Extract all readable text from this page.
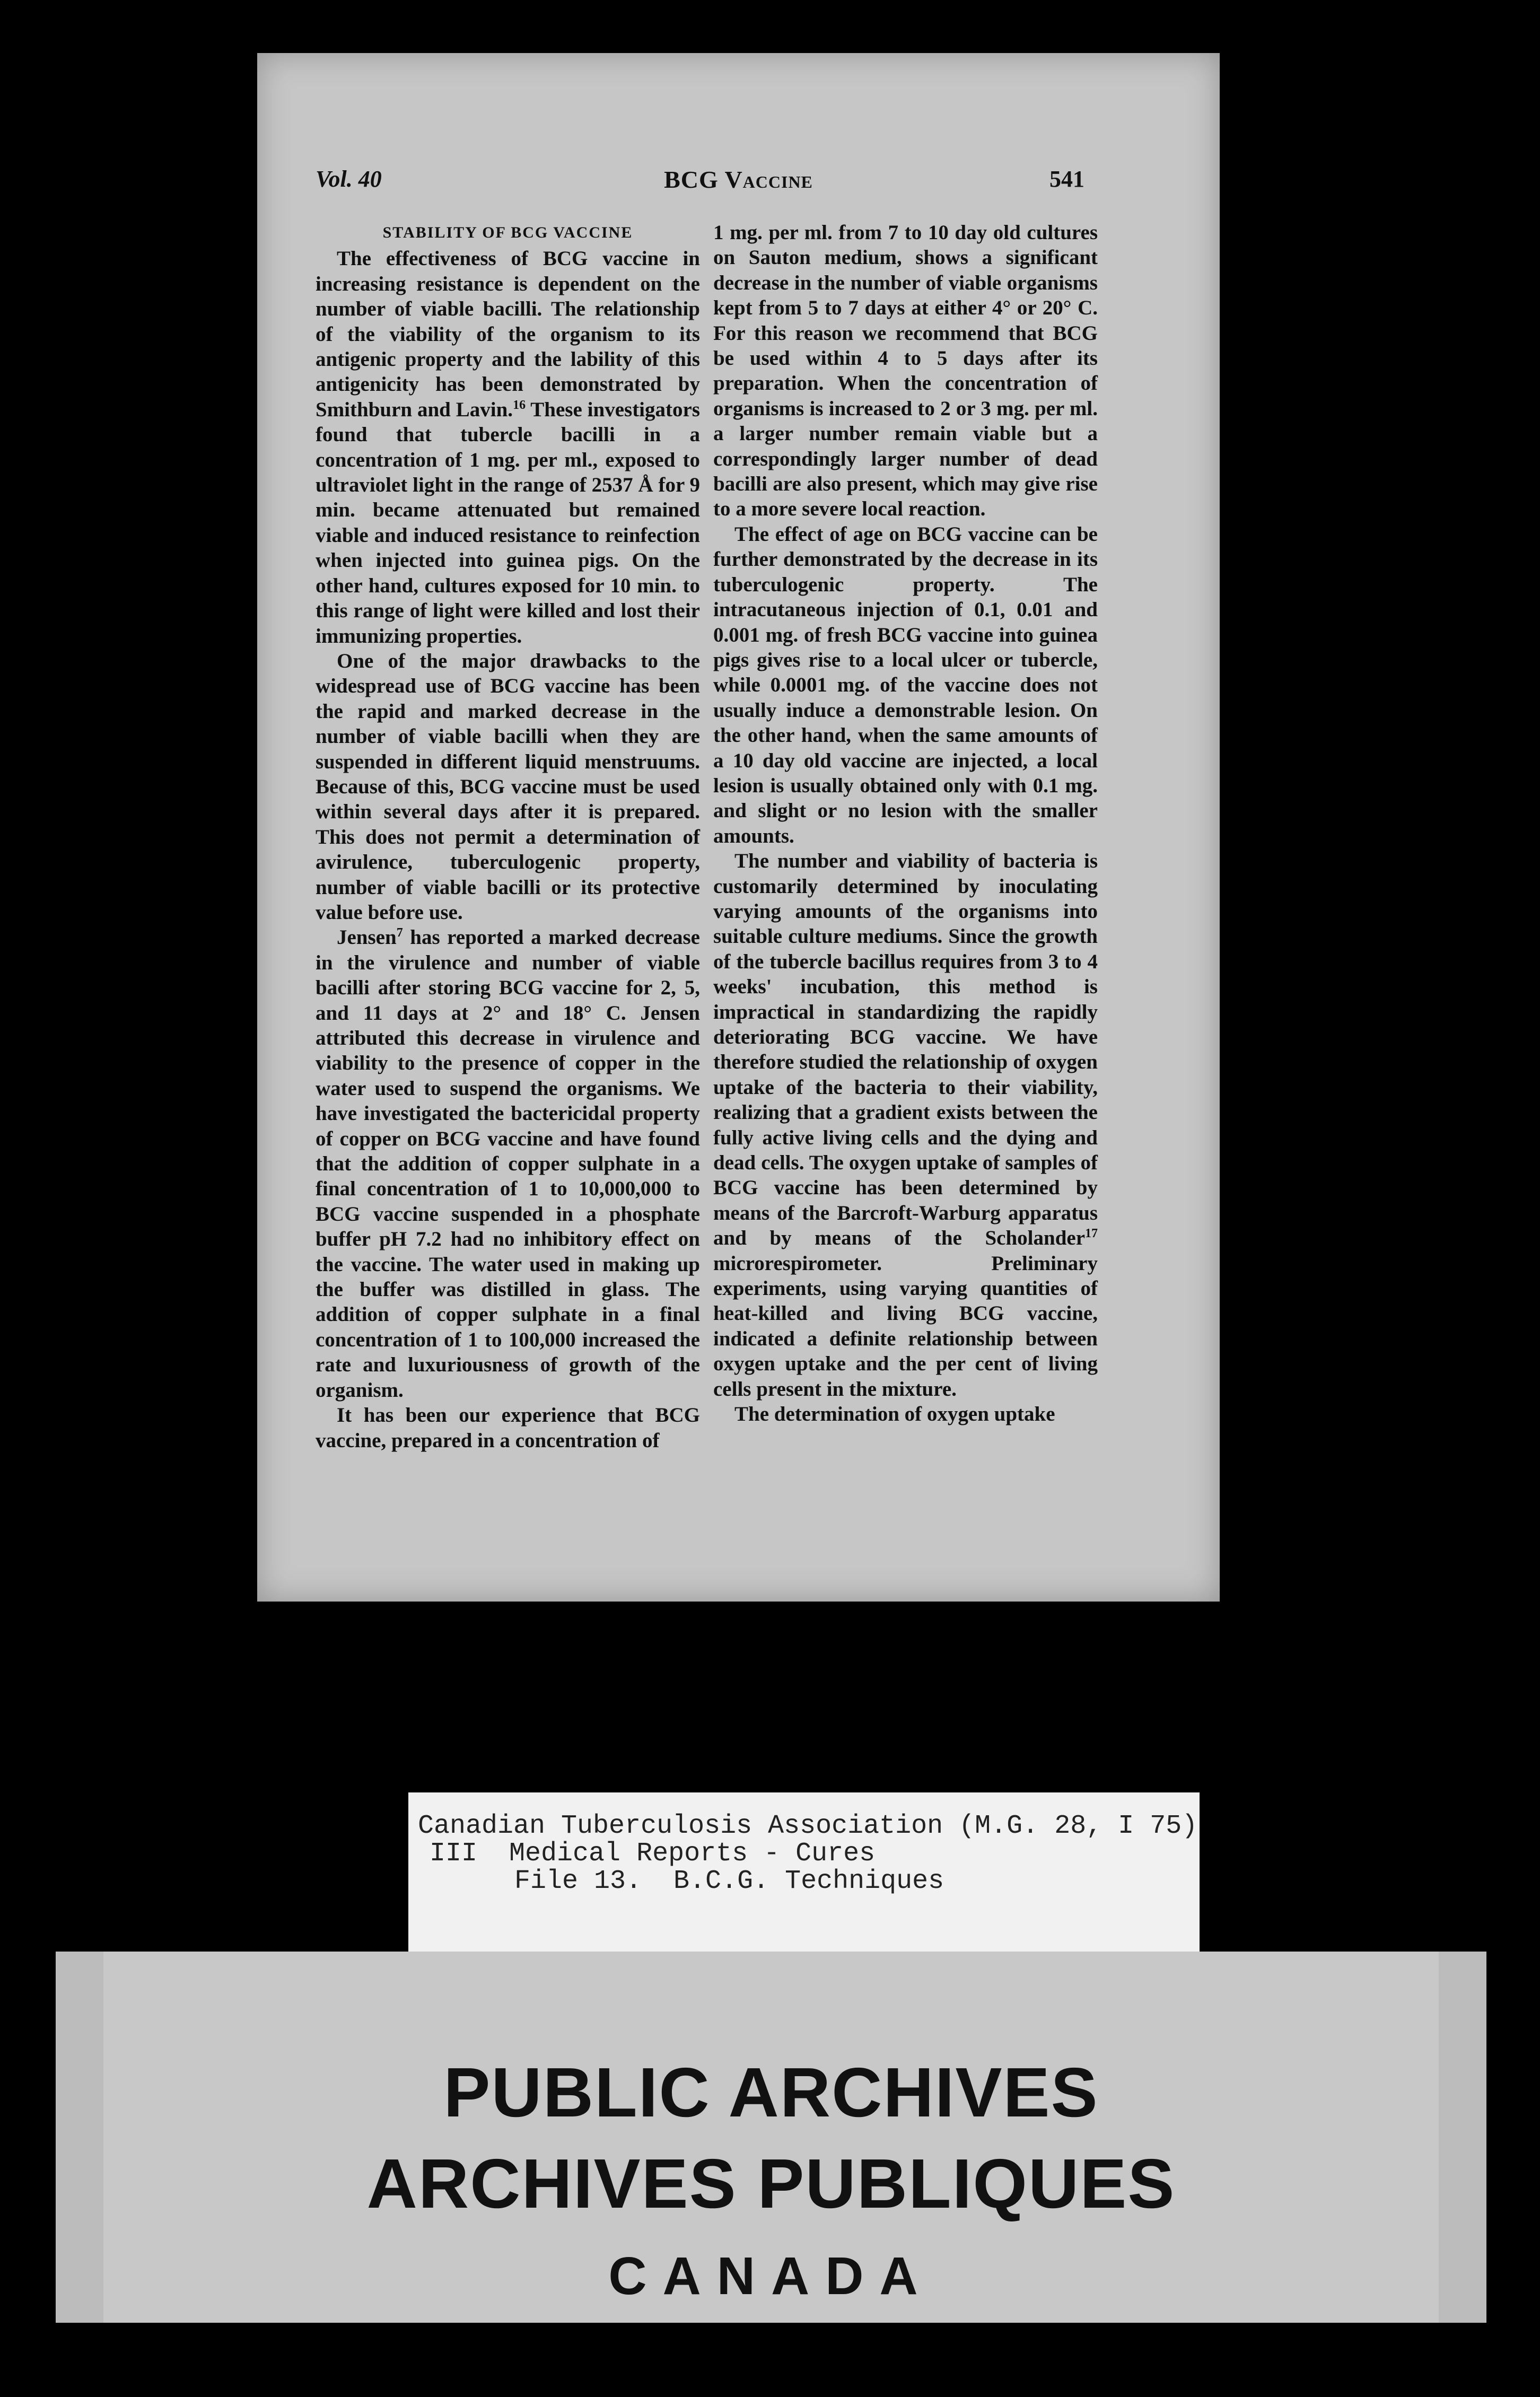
Vol. 40	BCG Vaccine	541
STABILITY OF BCG VACCINE

The effectiveness of BCG vaccine in increasing resistance is dependent on the number of viable bacilli. The relationship of the viability of the organism to its antigenic property and the lability of this antigenicity has been demonstrated by Smithburn and Lavin.$^{16}$ These investigators found that tubercle bacilli in a concentration of 1 mg. per ml., exposed to ultraviolet light in the range of 2537 Å for 9 min. became attenuated but remained viable and induced resistance to reinfection when injected into guinea pigs. On the other hand, cultures exposed for 10 min. to this range of light were killed and lost their immunizing properties.

One of the major drawbacks to the widespread use of BCG vaccine has been the rapid and marked decrease in the number of viable bacilli when they are suspended in different liquid menstruums. Because of this, BCG vaccine must be used within several days after it is prepared. This does not permit a determination of avirulence, tuberculogenic property, number of viable bacilli or its protective value before use.

Jensen$^7$ has reported a marked decrease in the virulence and number of viable bacilli after storing BCG vaccine for 2, 5, and 11 days at 2° and 18° C. Jensen attributed this decrease in virulence and viability to the presence of copper in the water used to suspend the organisms. We have investigated the bactericidal property of copper on BCG vaccine and have found that the addition of copper sulphate in a final concentration of 1 to 10,000,000 to BCG vaccine suspended in a phosphate buffer pH 7.2 had no inhibitory effect on the vaccine. The water used in making up the buffer was distilled in glass. The addition of copper sulphate in a final concentration of 1 to 100,000 increased the rate and luxuriousness of growth of the organism.

It has been our experience that BCG vaccine, prepared in a concentration of

1 mg. per ml. from 7 to 10 day old cultures on Sauton medium, shows a significant decrease in the number of viable organisms kept from 5 to 7 days at either 4° or 20° C. For this reason we recommend that BCG be used within 4 to 5 days after its preparation. When the concentration of organisms is increased to 2 or 3 mg. per ml. a larger number remain viable but a correspondingly larger number of dead bacilli are also present, which may give rise to a more severe local reaction.

The effect of age on BCG vaccine can be further demonstrated by the decrease in its tuberculogenic property. The intracutaneous injection of 0.1, 0.01 and 0.001 mg. of fresh BCG vaccine into guinea pigs gives rise to a local ulcer or tubercle, while 0.0001 mg. of the vaccine does not usually induce a demonstrable lesion. On the other hand, when the same amounts of a 10 day old vaccine are injected, a local lesion is usually obtained only with 0.1 mg. and slight or no lesion with the smaller amounts.

The number and viability of bacteria is customarily determined by inoculating varying amounts of the organisms into suitable culture mediums. Since the growth of the tubercle bacillus requires from 3 to 4 weeks' incubation, this method is impractical in standardizing the rapidly deteriorating BCG vaccine. We have therefore studied the relationship of oxygen uptake of the bacteria to their viability, realizing that a gradient exists between the fully active living cells and the dying and dead cells. The oxygen uptake of samples of BCG vaccine has been determined by means of the Barcroft-Warburg apparatus and by means of the Scholander$^{17}$ microrespirometer. Preliminary experiments, using varying quantities of heat-killed and living BCG vaccine, indicated a definite relationship between oxygen uptake and the per cent of living cells present in the mixture.

The determination of oxygen uptake

Canadian Tuberculosis Association (M.G. 28, I 75)
III  Medical Reports - Cures
File 13.  B.C.G. Techniques
PUBLIC ARCHIVES
ARCHIVES PUBLIQUES
CANADA
